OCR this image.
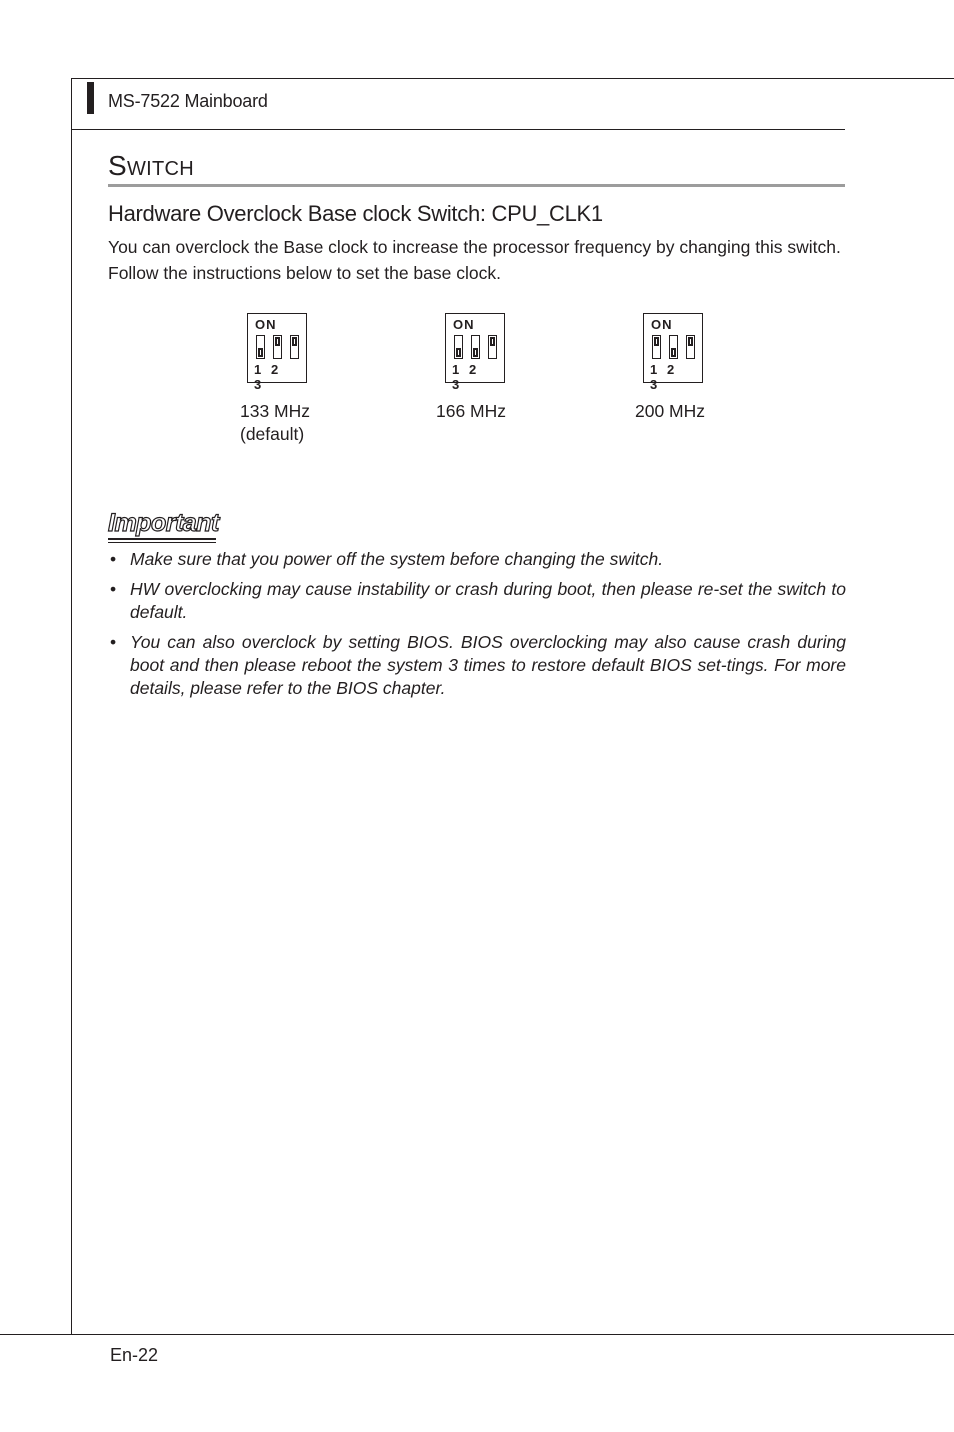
MS-7522 Mainboard
Switch
Hardware Overclock Base clock Switch: CPU_CLK1
You can overclock the Base clock to increase the processor frequency by changing this switch. Follow the instructions below to set the base clock.
ON
1 23
ON
1 23
ON
1 23
133 MHz
(default)
166 MHz	200 MHz
Important
• Make sure that you power off the system before changing the switch.
• HW overclocking may cause instability or crash during boot, then please re-set the switch to default.
• You can also overclock by setting BIOS. BIOS overclocking may also cause crash during boot and then please reboot the system 3 times to restore default BIOS set-tings. For more details, please refer to the BIOS chapter.
En-22
